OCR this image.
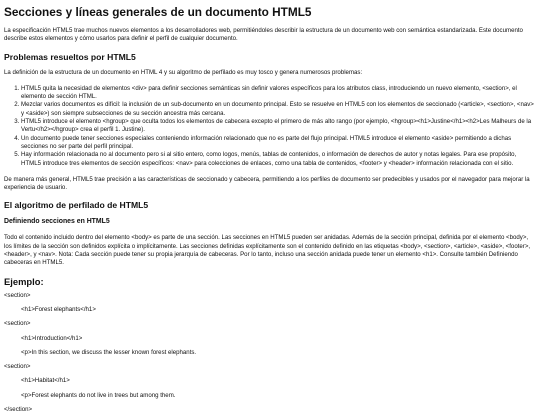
Secciones y líneas generales de un documento HTML5

La especificación HTML5 trae muchos nuevos elementos a los desarrolladores web, permitiéndoles describir la estructura de un documento web con semántica estandarizada. Este documento describe estos elementos y cómo usarlos para definir el perfil de cualquier documento.

Problemas resueltos por HTML5

La definición de la estructura de un documento en HTML 4 y su algoritmo de perfilado es muy tosco y genera numerosos problemas:

1. HTML5 quita la necesidad de elementos <div> para definir secciones semánticas sin definir valores específicos para los atributos class, introduciendo un nuevo elemento, <section>, el elemento de sección HTML.
2. Mezclar varios documentos es difícil: la inclusión de un sub-documento en un documento principal. Esto se resuelve en HTML5 con los elementos de seccionado (<article>, <section>, <nav> y <aside>) son siempre subsecciones de su sección ancestra más cercana.
3. HTML5 introduce el elemento <hgroup> que oculta todos los elementos de cabecera excepto el primero de más alto rango (por ejemplo, <hgroup><h1>Justine</h1><h2>Les Malheurs de la Vertu</h2></hgroup> crea el perfil 1. Justine).
4. Un documento puede tener secciones especiales conteniendo información relacionado que no es parte del flujo principal. HTML5 introduce el elemento <aside> permitiendo a dichas secciones no ser parte del perfil principal.
5. Hay información relacionada no al documento pero si al sitio entero, como logos, menús, tablas de contenidos, o información de derechos de autor y notas legales. Para ese propósito, HTML5 introduce tres elementos de sección específicos: <nav> para colecciones de enlaces, como una tabla de contenidos, <footer> y <header> información relacionada con el sitio.

De manera más general, HTML5 trae precisión a las características de seccionado y cabecera, permitiendo a los perfiles de documento ser predecibles y usados por el navegador para mejorar la experiencia de usuario.

El algoritmo de perfilado de HTML5
Definiendo secciones en HTML5

Todo el contenido incluido dentro del elemento <body> es parte de una sección. Las secciones en HTML5 pueden ser anidadas. Además de la sección principal, definida por el elemento <body>, los límites de la sección son definidos explícita o implícitamente. Las secciones definidas explícitamente son el contenido definido en las etiquetas <body>, <section>, <article>, <aside>, <footer>, <header>, y <nav>. Nota: Cada sección puede tener su propia jerarquía de cabeceras. Por lo tanto, incluso una sección anidada puede tener un elemento <h1>. Consulte también Definiendo cabeceras en HTML5.

Ejemplo:
<section>
<h1>Forest elephants</h1>
<section>
<h1>Introduction</h1>
<p>In this section, we discuss the lesser known forest elephants.
<section>
<h1>Habitat</h1>
<p>Forest elephants do not live in trees but among them.
</section>
